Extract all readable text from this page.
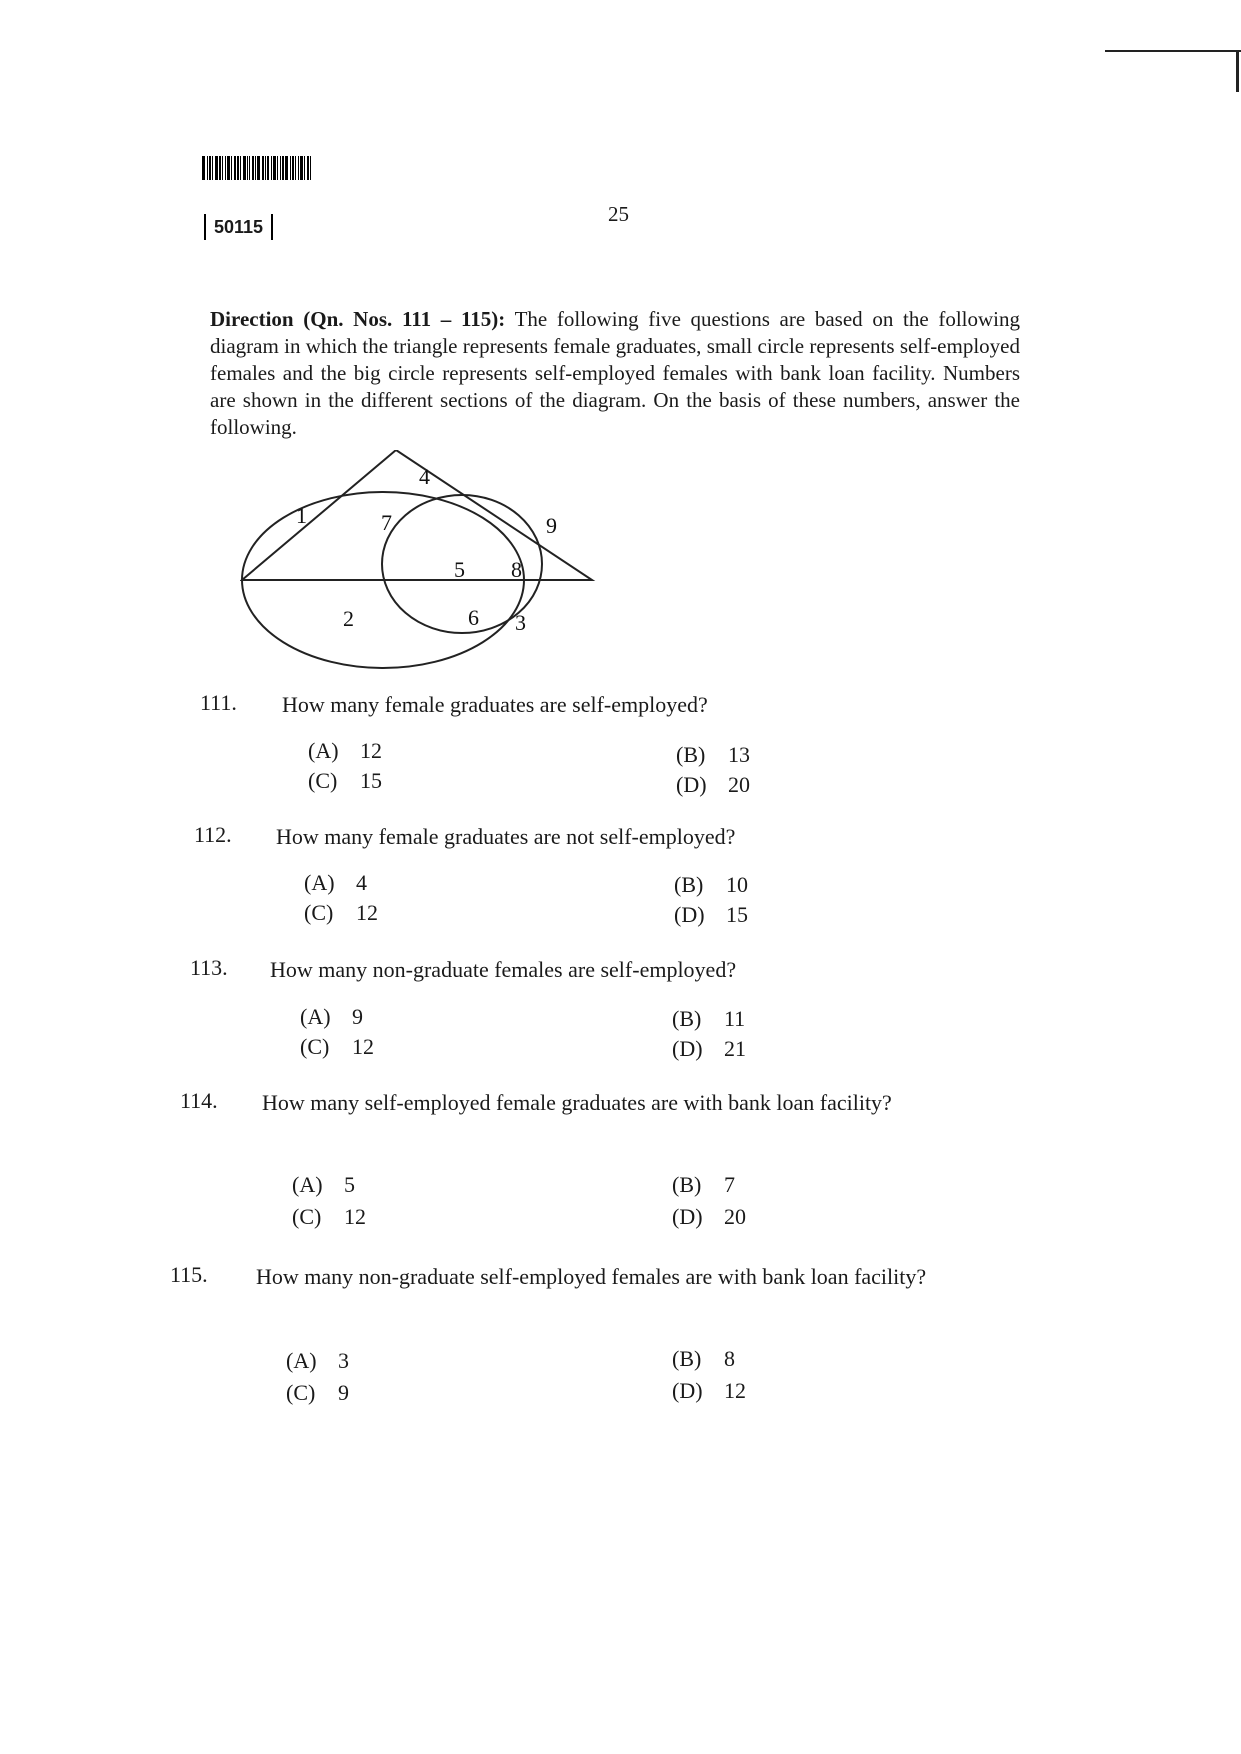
50115
25
Direction (Qn. Nos. 111 – 115): The following five questions are based on the following diagram in which the triangle represents female graduates, small circle represents self-employed females and the big circle represents self-employed females with bank loan facility. Numbers are shown in the different sections of the diagram. On the basis of these numbers, answer the following.
4
1	7	9
5 8
2	6 3
111. How many female graduates are self-employed?
(A) 12	(B) 13
(C) 15	(D) 20
112. How many female graduates are not self-employed?
(A) 4	(B) 10
(C) 12	(D) 15
113. How many non-graduate females are self-employed?
(A) 9	(B) 11
(C) 12	(D) 21
114. How many self-employed female graduates are with bank loan facility?
(A) 5	(B) 7
(C) 12	(D) 20
115. How many non-graduate self-employed females are with bank loan facility?
(A) 3	(B) 8
(C) 9	(D) 12
